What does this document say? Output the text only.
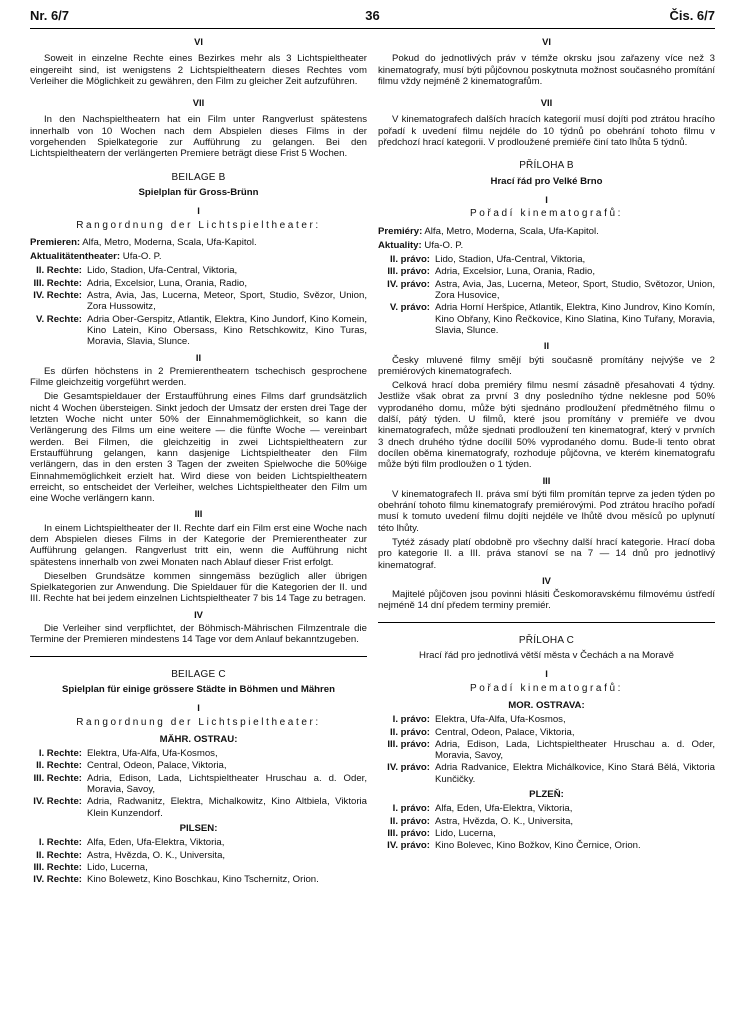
Nr. 6/7	36	Čis. 6/7
VI

Soweit in einzelne Rechte eines Bezirkes mehr als 3 Lichtspieltheater eingereiht sind, ist wenigstens 2 Lichtspieltheatern dieses Rechtes vom Verleiher die Möglichkeit zu gewähren, den Film zu gleicher Zeit aufzuführen.

VII

In den Nachspieltheatern hat ein Film unter Rangverlust spätestens innerhalb von 10 Wochen nach dem Abspielen dieses Films in der vorgehenden Spielkategorie zur Aufführung zu gelangen. Bei den Lichtspieltheatern der verlängerten Premiere beträgt diese Frist 5 Wochen.

BEILAGE B
Spielplan für Gross-Brünn
I
Rangordnung der Lichtspieltheater:
Premieren: Alfa, Metro, Moderna, Scala, Ufa-Kapitol.
Aktualitätentheater: Ufa-O. P.
II. Rechte: Lido, Stadion, Ufa-Central, Viktoria,
III. Rechte: Adria, Excelsior, Luna, Orania, Radio,
IV. Rechte: Astra, Avia, Jas, Lucerna, Meteor, Sport, Studio, Svězor, Union, Zora Hussowitz,
V. Rechte: Adria Ober-Gerspitz, Atlantik, Elektra, Kino Jundorf, Kino Komein, Kino Latein, Kino Obersass, Kino Retschkowitz, Kino Turas, Moravia, Slavia, Slunce.
II

Es dürfen höchstens in 2 Premierentheatern tschechisch gesprochene Filme gleichzeitig vorgeführt werden.

Die Gesamtspieldauer der Erstaufführung eines Films darf grundsätzlich nicht 4 Wochen übersteigen. Sinkt jedoch der Umsatz der ersten drei Tage der letzten Woche nicht unter 50% der Einnahmemöglichkeit, so kann die Verlängerung des Films um eine weitere — die fünfte Woche — vereinbart werden. Bei Filmen, die gleichzeitig in zwei Lichtspieltheatern zur Erstaufführung gelangen, kann dasjenige Lichtspieltheater den Film verlängern, das in den ersten 3 Tagen der zweiten Spielwoche die 50%ige Einnahmemöglichkeit erzielt hat. Wird diese von beiden Lichtspieltheatern erreicht, so entscheidet der Verleiher, welches Lichtspieltheater den Film um eine Woche verlängern kann.

III

In einem Lichtspieltheater der II. Rechte darf ein Film erst eine Woche nach dem Abspielen dieses Films in der Kategorie der Premierentheater zur Aufführung gelangen. Rangverlust tritt ein, wenn die Aufführung nicht spätestens innerhalb von zwei Monaten nach Ablauf dieser Frist erfolgt.

Dieselben Grundsätze kommen sinngemäss bezüglich aller übrigen Spielkategorien zur Anwendung. Die Spieldauer für die Kategorien der II. und III. Rechte hat bei jedem einzelnen Lichtspieltheater 7 bis 14 Tage zu betragen.

IV

Die Verleiher sind verpflichtet, der Böhmisch-Mährischen Filmzentrale die Termine der Premieren mindestens 14 Tage vor dem Anlauf bekanntzugeben.

BEILAGE C
Spielplan für einige grössere Städte in Böhmen und Mähren
I
Rangordnung der Lichtspieltheater:
MÄHR. OSTRAU:
I. Rechte: Elektra, Ufa-Alfa, Ufa-Kosmos,
II. Rechte: Central, Odeon, Palace, Viktoria,
III. Rechte: Adria, Edison, Lada, Lichtspieltheater Hruschau a. d. Oder, Moravia, Savoy,
IV. Rechte: Adria, Radwanitz, Elektra, Michalkowitz, Kino Altbiela, Viktoria Klein Kunzendorf.
PILSEN:
I. Rechte: Alfa, Eden, Ufa-Elektra, Viktoria,
II. Rechte: Astra, Hvězda, O. K., Universita,
III. Rechte: Lido, Lucerna,
IV. Rechte: Kino Bolewetz, Kino Boschkau, Kino Tschernitz, Orion.
VI

Pokud do jednotlivých práv v témže okrsku jsou zařazeny více než 3 kinematografy, musí býti půjčovnou poskytnuta možnost současného promítání filmu vždy nejméně 2 kinematografům.

VII

V kinematografech dalších hracích kategorií musí dojíti pod ztrátou hracího pořadí k uvedení filmu nejdéle do 10 týdnů po obehrání tohoto filmu v předchozí hrací kategorii. V prodloužené premiéře činí tato lhůta 5 týdnů.

PŘÍLOHA B
Hrací řád pro Velké Brno
I
Pořadí kinematografů:
Premiéry: Alfa, Metro, Moderna, Scala, Ufa-Kapitol.
Aktuality: Ufa-O. P.
II. právo: Lido, Stadion, Ufa-Central, Viktoria,
III. právo: Adria, Excelsior, Luna, Orania, Radio,
IV. právo: Astra, Avia, Jas, Lucerna, Meteor, Sport, Studio, Světozor, Union, Zora Husovice,
V. právo: Adria Horní Heršpice, Atlantik, Elektra, Kino Jundrov, Kino Komín, Kino Obřany, Kino Řečkovice, Kino Slatina, Kino Tuřany, Moravia, Slavia, Slunce.
II

Česky mluvené filmy smějí býti současně promítány nejvýše ve 2 premiérových kinematografech.

Celková hrací doba premiéry filmu nesmí zásadně přesahovati 4 týdny. Jestliže však obrat za první 3 dny posledního týdne neklesne pod 50% vyprodaného domu, může býti sjednáno prodloužení předmětného filmu o další, pátý týden. U filmů, které jsou promítány v premiéře ve dvou kinematografech, může sjednati prodloužení ten kinematograf, který v prvních 3 dnech druhého týdne docílil 50% vyprodaného domu. Bude-li tento obrat docílen oběma kinematografy, rozhoduje půjčovna, ve kterém kinematografu může býti film prodloužen o 1 týden.

III

V kinematografech II. práva smí býti film promítán teprve za jeden týden po obehrání tohoto filmu kinematografy premiérovými. Pod ztrátou hracího pořadí musí k tomuto uvedení filmu dojíti nejdéle ve lhůtě dvou měsíců po uplynutí této lhůty.

Tytéž zásady platí obdobně pro všechny další hrací kategorie. Hrací doba pro kategorie II. a III. práva stanoví se na 7 — 14 dnů pro jednotlivý kinematograf.

IV

Majitelé půjčoven jsou povinni hlásiti Českomoravskému filmovému ústředí nejméně 14 dní předem terminy premiér.

PŘÍLOHA C
Hrací řád pro jednotlivá větší města v Čechách a na Moravě
I
Pořadí kinematografů:
MOR. OSTRAVA:
I. právo: Elektra, Ufa-Alfa, Ufa-Kosmos,
II. právo: Central, Odeon, Palace, Viktoria,
III. právo: Adria, Edison, Lada, Lichtspieltheater Hruschau a. d. Oder, Moravia, Savoy,
IV. právo: Adria Radvanice, Elektra Michálkovice, Kino Stará Bělá, Viktoria Kunčičky.
PLZEŇ:
I. právo: Alfa, Eden, Ufa-Elektra, Viktoria,
II. právo: Astra, Hvězda, O. K., Universita,
III. právo: Lido, Lucerna,
IV. právo: Kino Bolevec, Kino Božkov, Kino Černice, Orion.
